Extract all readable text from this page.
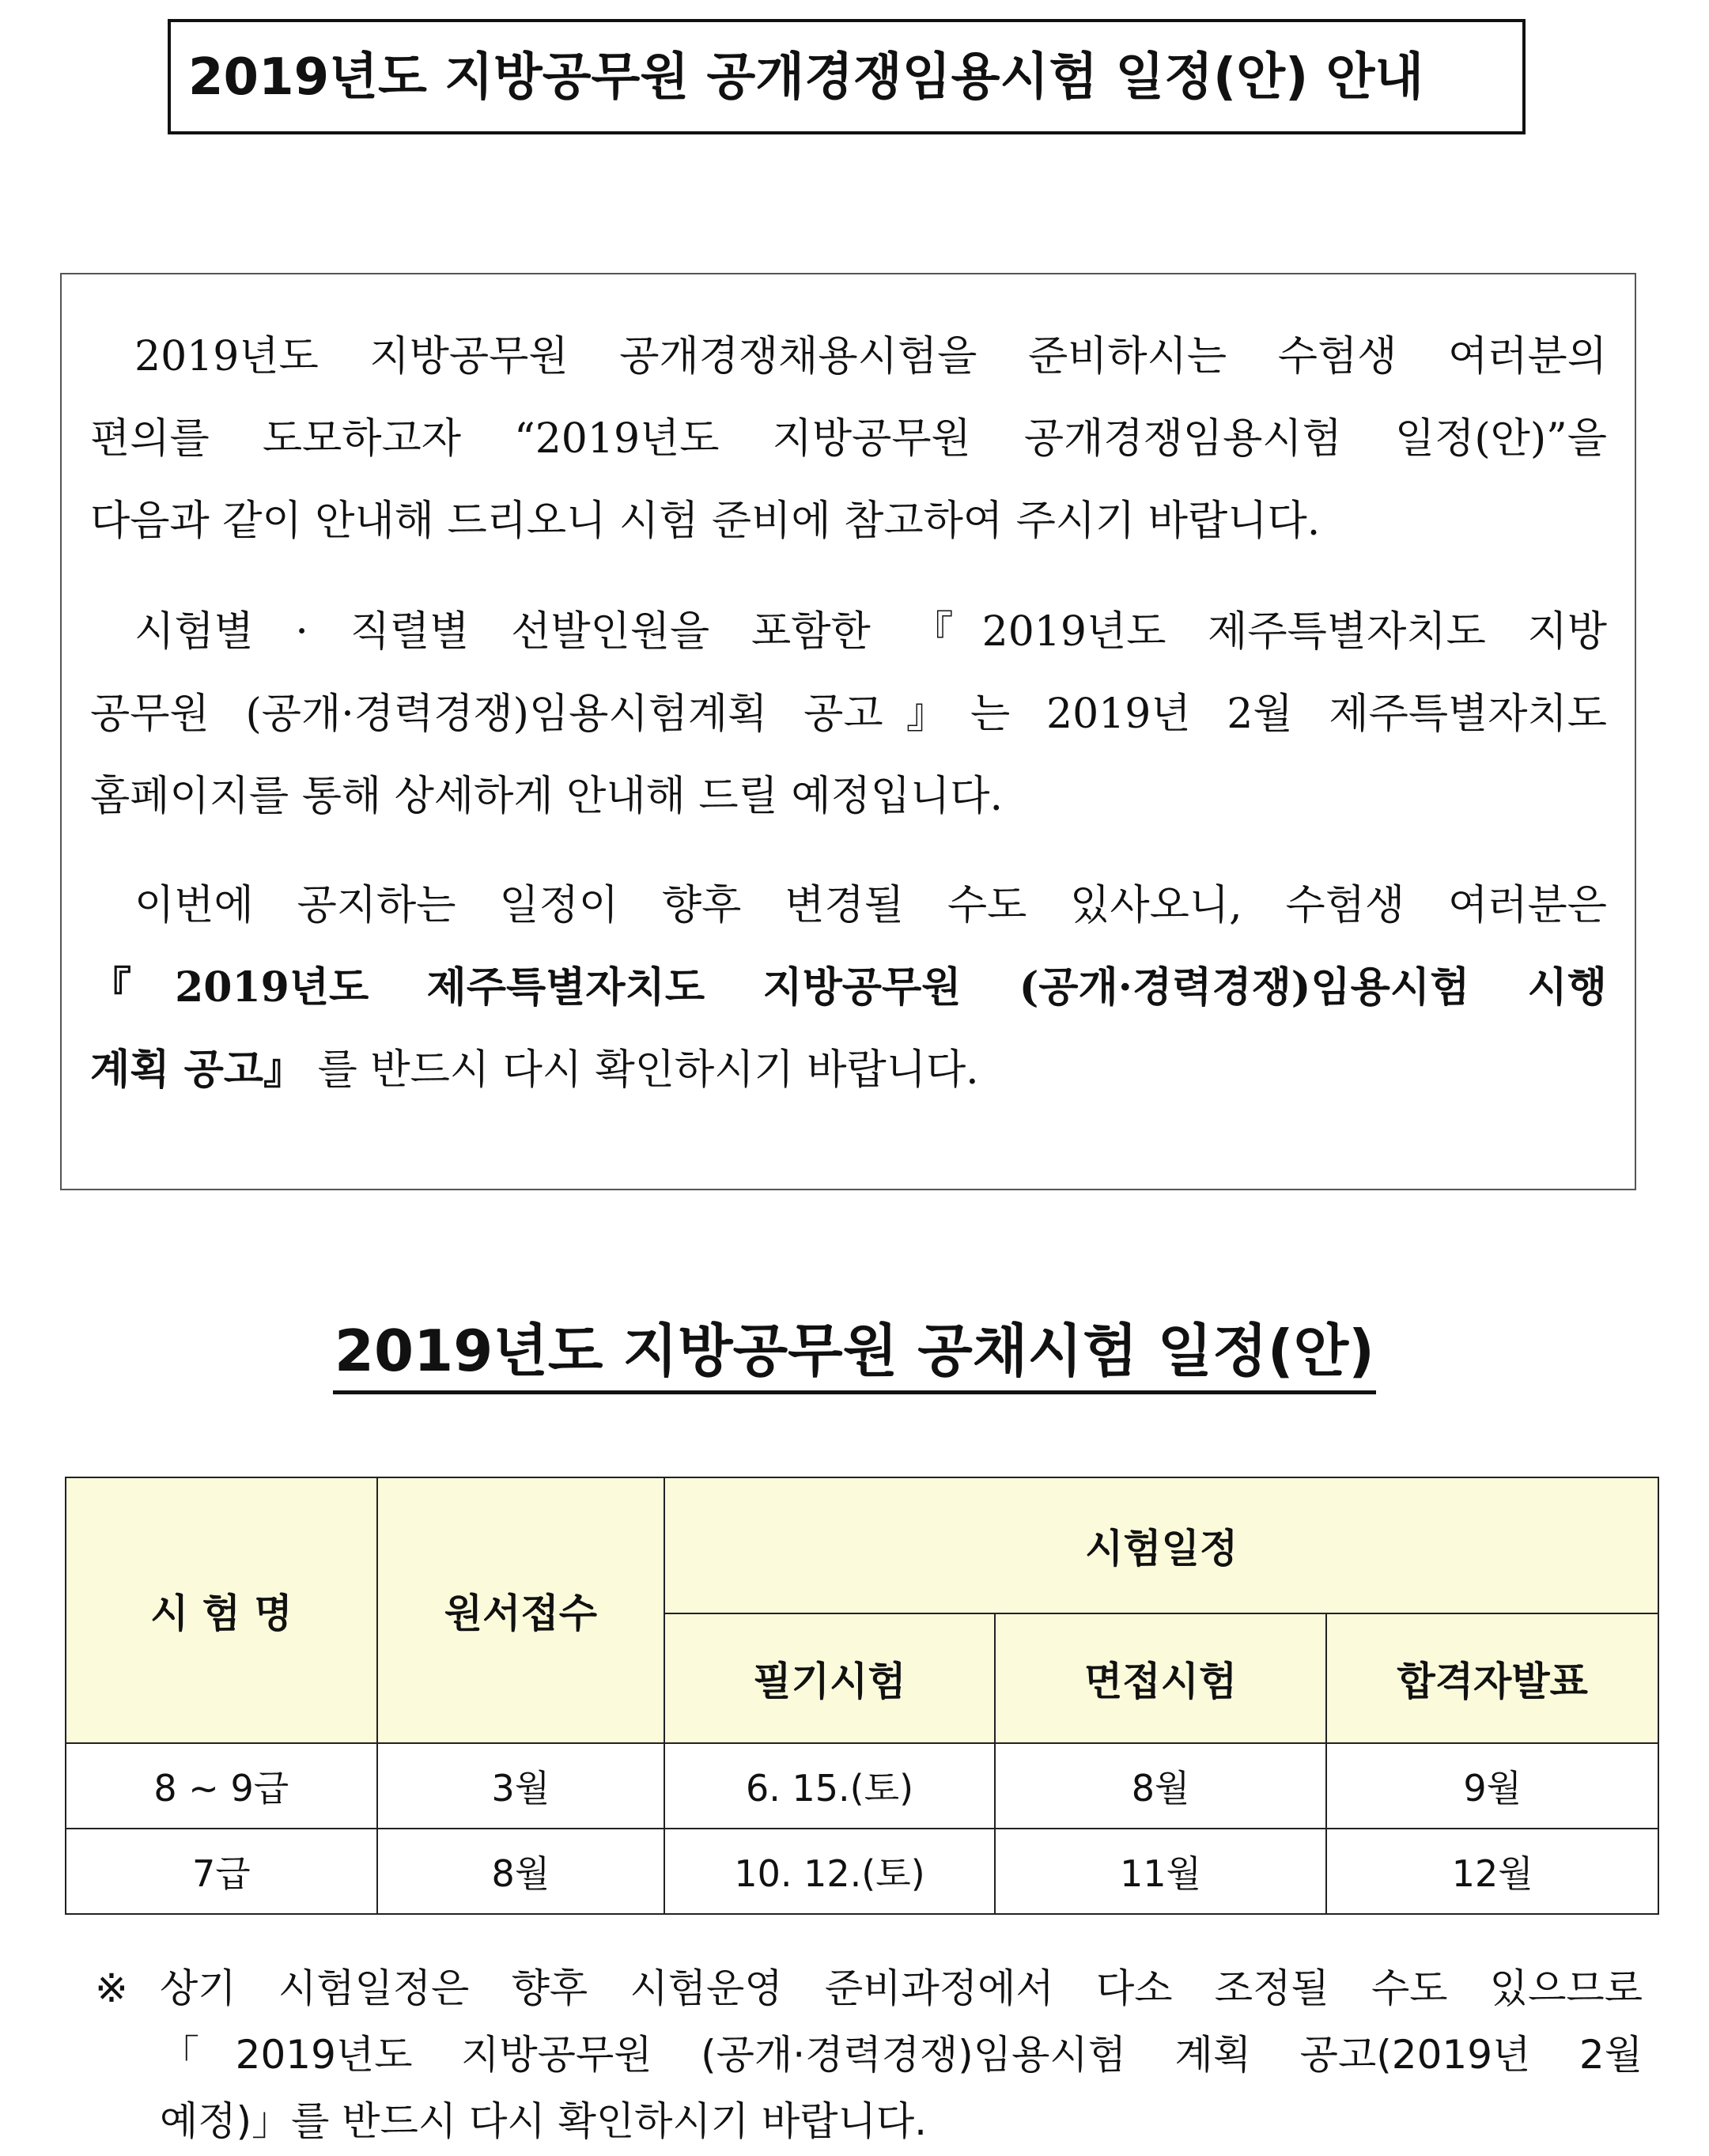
2019년도 지방공무원 공개경쟁임용시험 일정(안) 안내
2019년도 지방공무원 공개경쟁채용시험을 준비하시는 수험생 여러분의
편의를 도모하고자 “2019년도 지방공무원 공개경쟁임용시험 일정(안)”을
다음과 같이 안내해 드리오니 시험 준비에 참고하여 주시기 바랍니다.
시험별 · 직렬별 선발인원을 포함한 『2019년도 제주특별자치도 지방
공무원 (공개·경력경쟁)임용시험계획 공고』는 2019년 2월 제주특별자치도
홈페이지를 통해 상세하게 안내해 드릴 예정입니다.
이번에 공지하는 일정이 향후 변경될 수도 있사오니, 수험생 여러분은
『2019년도 제주특별자치도 지방공무원 (공개·경력경쟁)임용시험 시행
계획 공고』 를 반드시 다시 확인하시기 바랍니다.
2019년도 지방공무원 공채시험 일정(안)
시 험 명	원서접수	시험일정		
		필기시험	면접시험	합격자발표
8 ~ 9급	3월	6. 15.(토)	8월	9월
7급	8월	10. 12.(토)	11월	12월
※ 상기 시험일정은 향후 시험운영 준비과정에서 다소 조정될 수도 있으므로
「2019년도 지방공무원 (공개·경력경쟁)임용시험 계획 공고(2019년 2월
예정)」를 반드시 다시 확인하시기 바랍니다.
